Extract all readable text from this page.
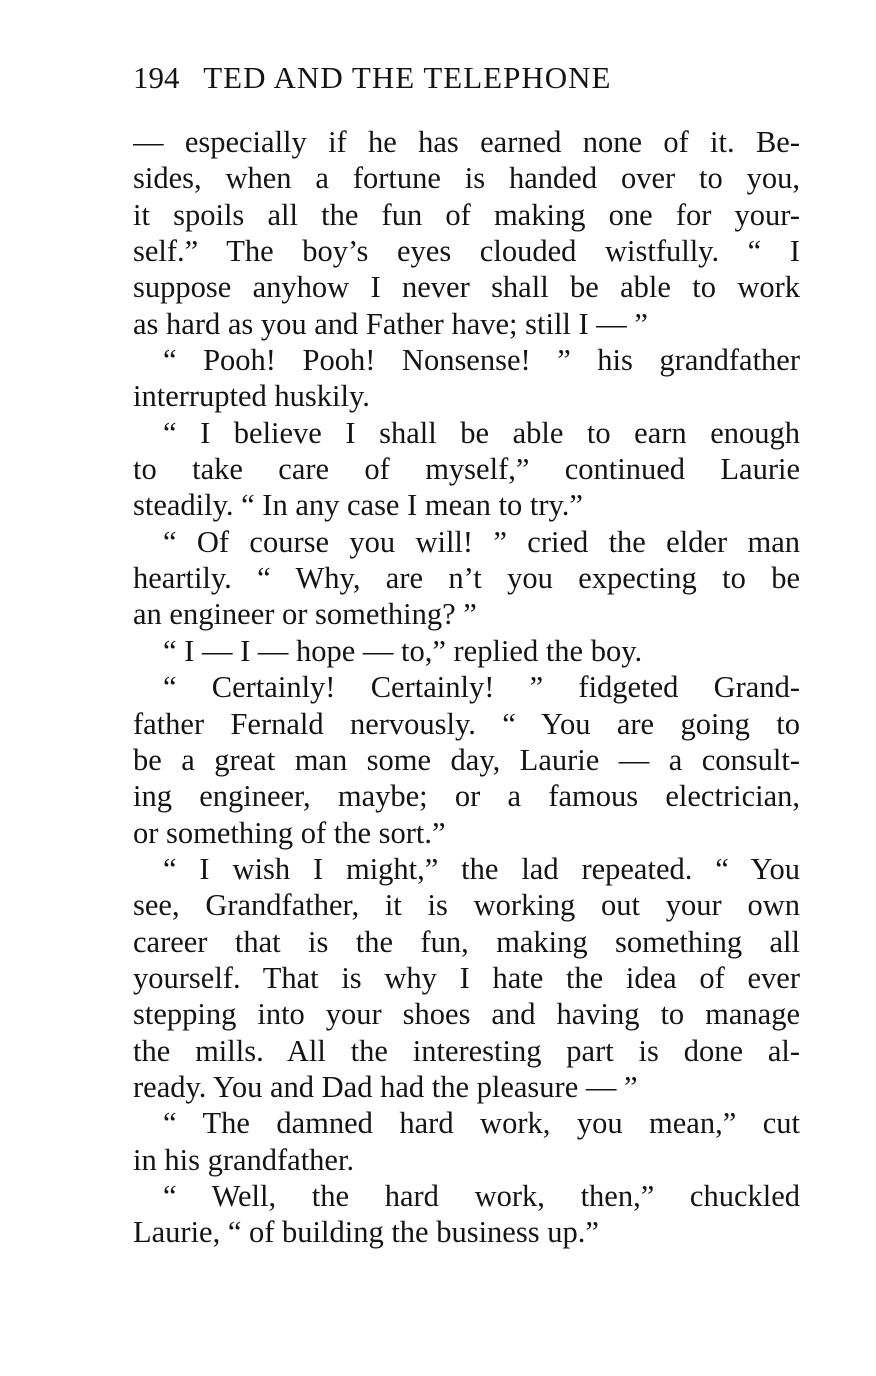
194 TED AND THE TELEPHONE
— especially if he has earned none of it. Be-
sides, when a fortune is handed over to you,
it spoils all the fun of making one for your-
self.” The boy’s eyes clouded wistfully. “ I
suppose anyhow I never shall be able to work
as hard as you and Father have; still I — ”
“ Pooh! Pooh! Nonsense! ” his grandfather
interrupted huskily.
“ I believe I shall be able to earn enough
to take care of myself,” continued Laurie
steadily. “ In any case I mean to try.”
“ Of course you will! ” cried the elder man
heartily. “ Why, are n’t you expecting to be
an engineer or something? ”
“ I — I — hope — to,” replied the boy.
“ Certainly! Certainly! ” fidgeted Grand-
father Fernald nervously. “ You are going to
be a great man some day, Laurie — a consult-
ing engineer, maybe; or a famous electrician,
or something of the sort.”
“ I wish I might,” the lad repeated. “ You
see, Grandfather, it is working out your own
career that is the fun, making something all
yourself. That is why I hate the idea of ever
stepping into your shoes and having to manage
the mills. All the interesting part is done al-
ready. You and Dad had the pleasure — ”
“ The damned hard work, you mean,” cut
in his grandfather.
“ Well, the hard work, then,” chuckled
Laurie, “ of building the business up.”
